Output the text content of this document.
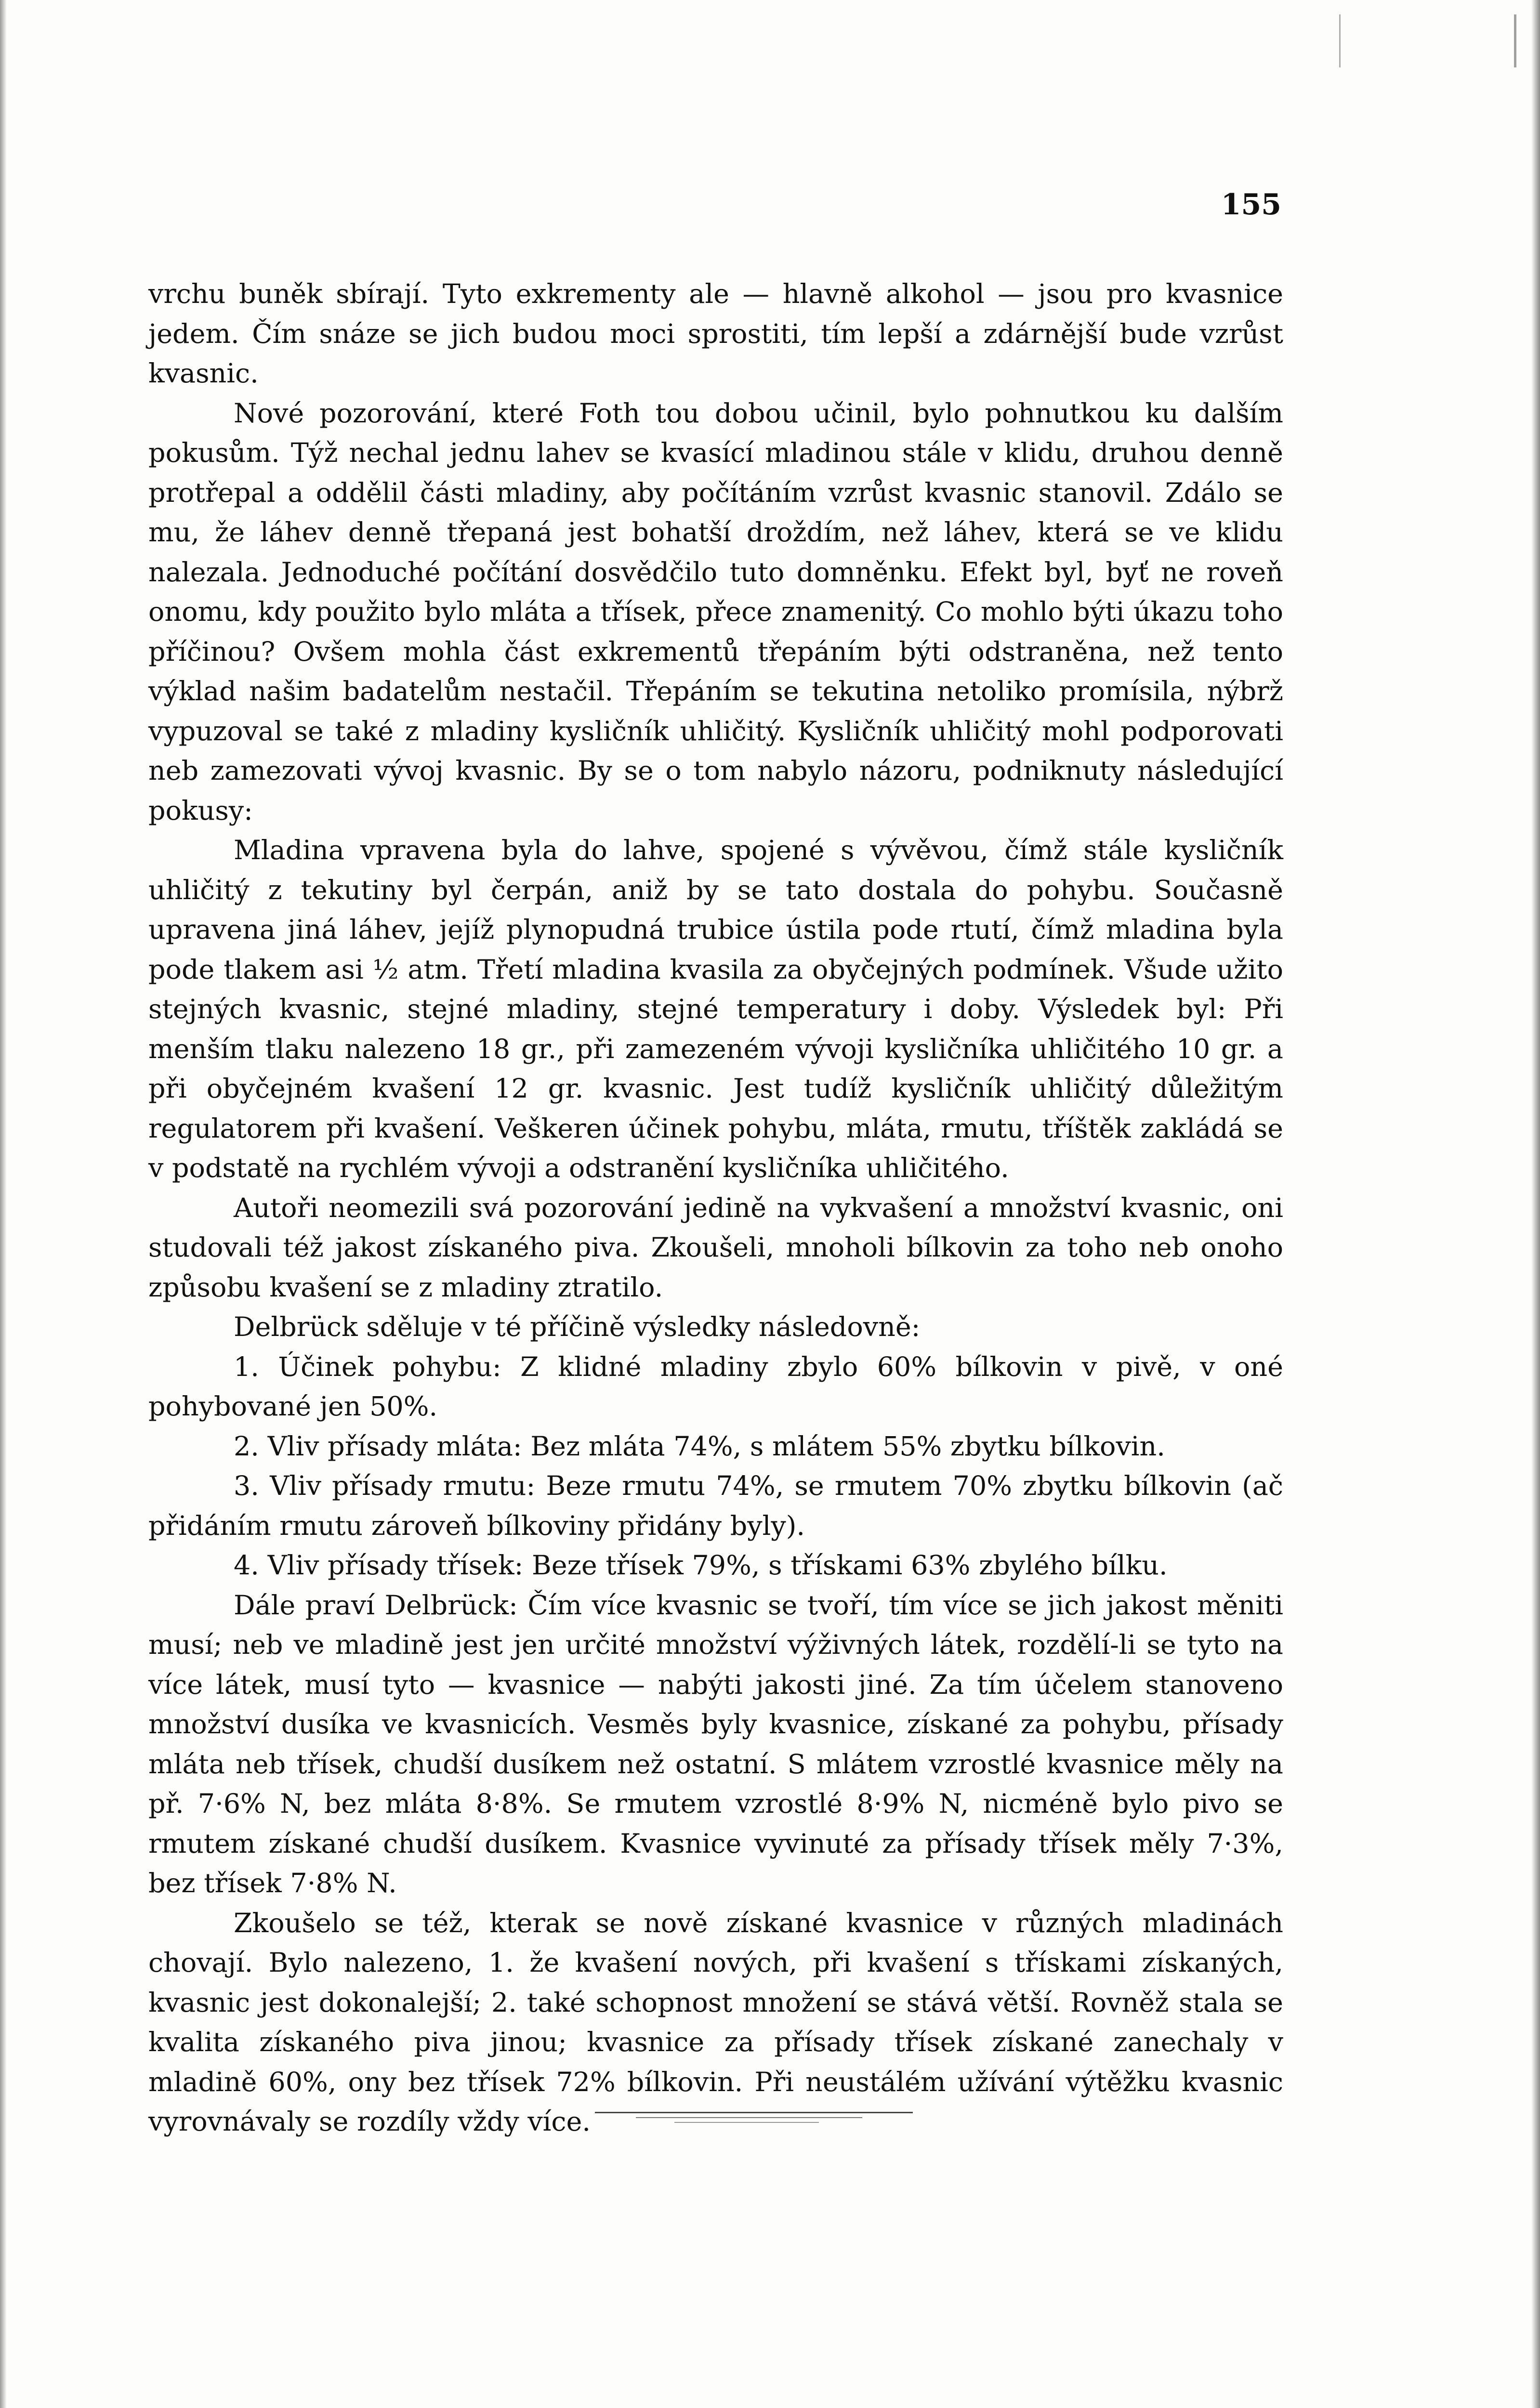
155

vrchu buněk sbírají. Tyto exkrementy ale — hlavně alkohol — jsou pro kvasnice jedem. Čím snáze se jich budou moci sprostiti, tím lepší a zdárnější bude vzrůst kvasnic.

Nové pozorování, které Foth tou dobou učinil, bylo pohnutkou ku dalším pokusům. Týž nechal jednu lahev se kvasící mladinou stále v klidu, druhou denně protřepal a oddělil části mladiny, aby počítáním vzrůst kvasnic stanovil. Zdálo se mu, že láhev denně třepaná jest bohatší droždím, než láhev, která se ve klidu nalezala. Jednoduché počítání dosvědčilo tuto domněnku. Efekt byl, byť ne roveň onomu, kdy použito bylo mláta a třísek, přece znamenitý. Co mohlo býti úkazu toho příčinou? Ovšem mohla část exkrementů třepáním býti odstraněna, než tento výklad našim badatelům nestačil. Třepáním se tekutina netoliko promísila, nýbrž vypuzoval se také z mladiny kysličník uhličitý. Kysličník uhličitý mohl podporovati neb zamezovati vývoj kvasnic. By se o tom nabylo názoru, podniknuty následující pokusy:

Mladina vpravena byla do lahve, spojené s vývěvou, čímž stále kysličník uhličitý z tekutiny byl čerpán, aniž by se tato dostala do pohybu. Současně upravena jiná láhev, jejíž plynopudná trubice ústila pode rtutí, čímž mladina byla pode tlakem asi ½ atm. Třetí mladina kvasila za obyčejných podmínek. Všude užito stejných kvasnic, stejné mladiny, stejné temperatury i doby. Výsledek byl: Při menším tlaku nalezeno 18 gr., při zamezeném vývoji kysličníka uhličitého 10 gr. a při obyčejném kvašení 12 gr. kvasnic. Jest tudíž kysličník uhličitý důležitým regulatorem při kvašení. Veškeren účinek pohybu, mláta, rmutu, tříštěk zakládá se v podstatě na rychlém vývoji a odstranění kysličníka uhličitého.

Autoři neomezili svá pozorování jedině na vykvašení a množství kvasnic, oni studovali též jakost získaného piva. Zkoušeli, mnoholi bílkovin za toho neb onoho způsobu kvašení se z mladiny ztratilo.

Delbrück sděluje v té příčině výsledky následovně:

1. Účinek pohybu: Z klidné mladiny zbylo 60% bílkovin v pivě, v oné pohybované jen 50%.

2. Vliv přísady mláta: Bez mláta 74%, s mlátem 55% zbytku bílkovin.

3. Vliv přísady rmutu: Beze rmutu 74%, se rmutem 70% zbytku bílkovin (ač přidáním rmutu zároveň bílkoviny přidány byly).

4. Vliv přísady třísek: Beze třísek 79%, s třískami 63% zbylého bílku.

Dále praví Delbrück: Čím více kvasnic se tvoří, tím více se jich jakost měniti musí; neb ve mladině jest jen určité množství výživných látek, rozdělí-li se tyto na více látek, musí tyto — kvasnice — nabýti jakosti jiné. Za tím účelem stanoveno množství dusíka ve kvasnicích. Vesměs byly kvasnice, získané za pohybu, přísady mláta neb třísek, chudší dusíkem než ostatní. S mlátem vzrostlé kvasnice měly na př. 7·6% N, bez mláta 8·8%. Se rmutem vzrostlé 8·9% N, nicméně bylo pivo se rmutem získané chudší dusíkem. Kvasnice vyvinuté za přísady třísek měly 7·3%, bez třísek 7·8% N.

Zkoušelo se též, kterak se nově získané kvasnice v různých mladinách chovají. Bylo nalezeno, 1. že kvašení nových, při kvašení s třískami získaných, kvasnic jest dokonalejší; 2. také schopnost množení se stává větší. Rovněž stala se kvalita získaného piva jinou; kvasnice za přísady třísek získané zanechaly v mladině 60%, ony bez třísek 72% bílkovin. Při neustálém užívání výtěžku kvasnic vyrovnávaly se rozdíly vždy více.
